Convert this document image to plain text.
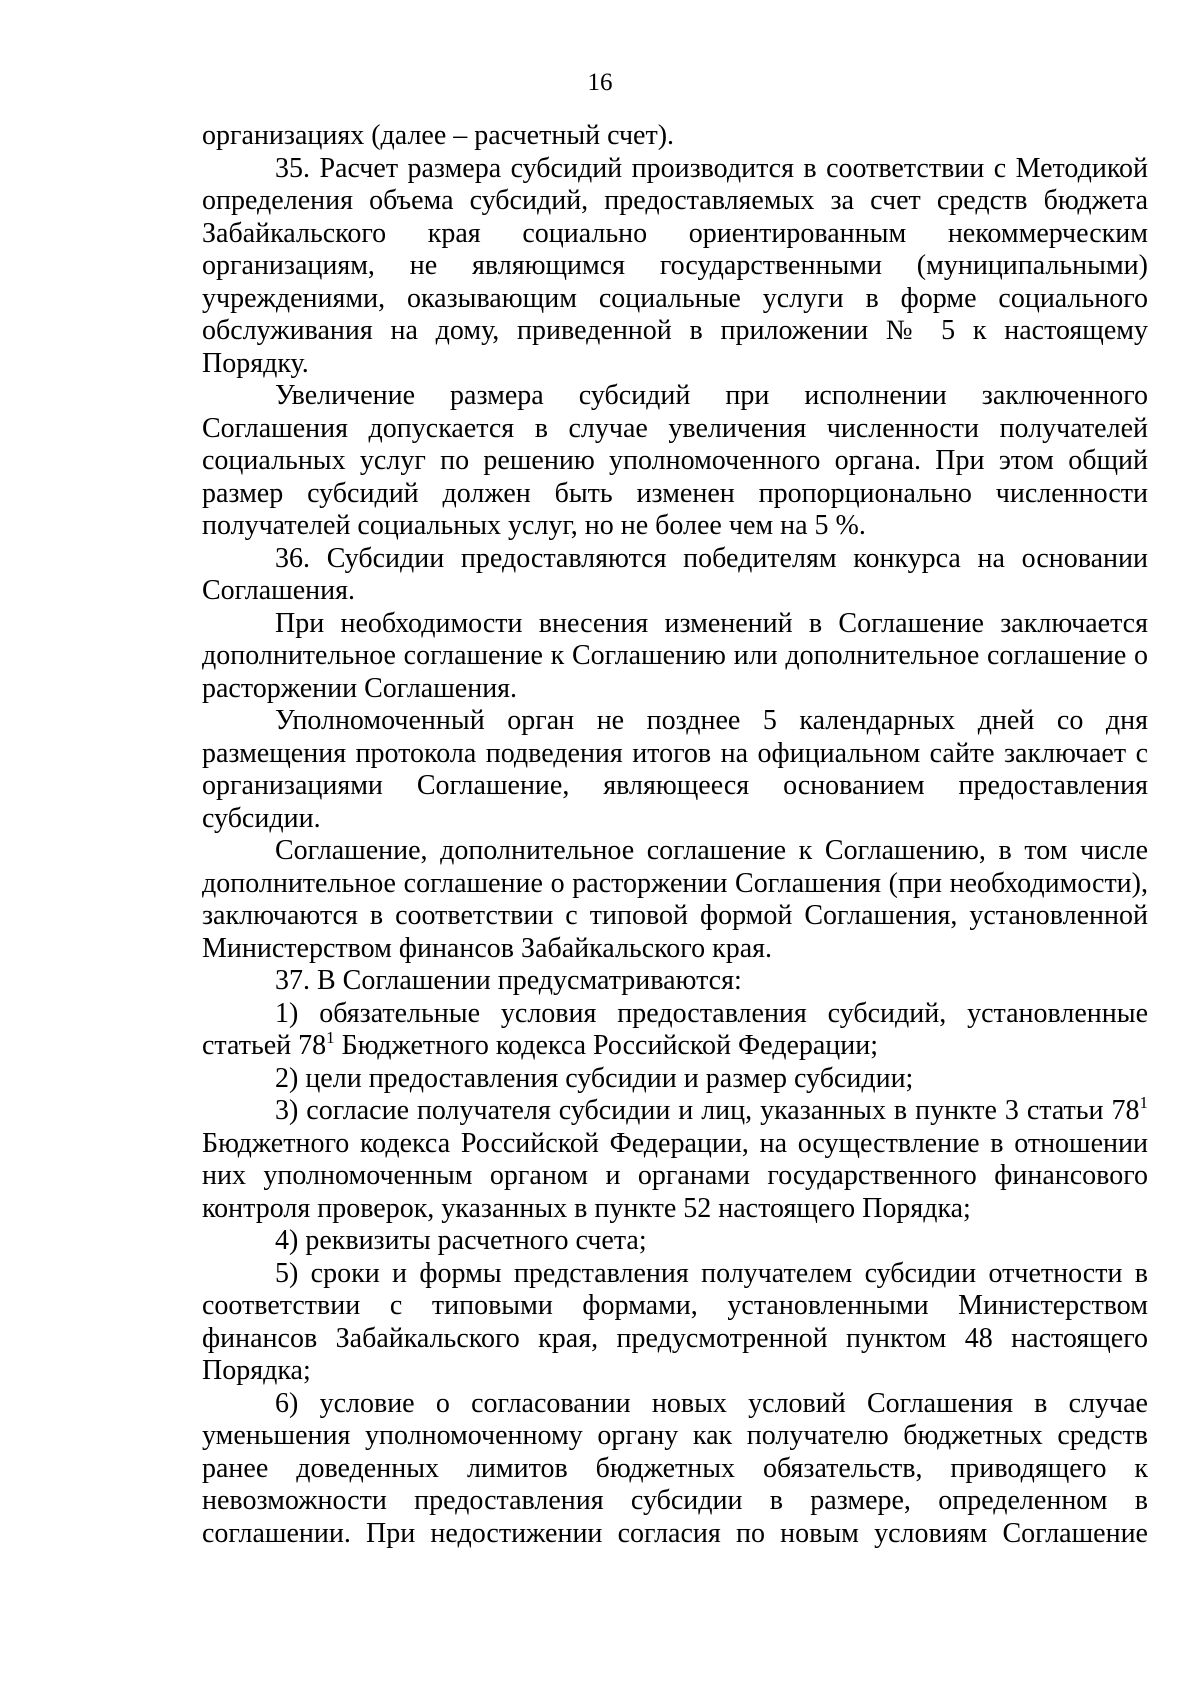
16

организациях (далее – расчетный счет).

35. Расчет размера субсидий производится в соответствии с Методикой определения объема субсидий, предоставляемых за счет средств бюджета Забайкальского края социально ориентированным некоммерческим организациям, не являющимся государственными (муниципальными) учреждениями, оказывающим социальные услуги в форме социального обслуживания на дому, приведенной в приложении № 5 к настоящему Порядку.

Увеличение размера субсидий при исполнении заключенного Соглашения допускается в случае увеличения численности получателей социальных услуг по решению уполномоченного органа. При этом общий размер субсидий должен быть изменен пропорционально численности получателей социальных услуг, но не более чем на 5 %.

36. Субсидии предоставляются победителям конкурса на основании Соглашения.

При необходимости внесения изменений в Соглашение заключается дополнительное соглашение к Соглашению или дополнительное соглашение о расторжении Соглашения.

Уполномоченный орган не позднее 5 календарных дней со дня размещения протокола подведения итогов на официальном сайте заключает с организациями Соглашение, являющееся основанием предоставления субсидии.

Соглашение, дополнительное соглашение к Соглашению, в том числе дополнительное соглашение о расторжении Соглашения (при необходимости), заключаются в соответствии с типовой формой Соглашения, установленной Министерством финансов Забайкальского края.

37. В Соглашении предусматриваются:

1) обязательные условия предоставления субсидий, установленные статьей $78^1$ Бюджетного кодекса Российской Федерации;

2) цели предоставления субсидии и размер субсидии;

3) согласие получателя субсидии и лиц, указанных в пункте 3 статьи $78^1$ Бюджетного кодекса Российской Федерации, на осуществление в отношении них уполномоченным органом и органами государственного финансового контроля проверок, указанных в пункте 52 настоящего Порядка;

4) реквизиты расчетного счета;

5) сроки и формы представления получателем субсидии отчетности в соответствии с типовыми формами, установленными Министерством финансов Забайкальского края, предусмотренной пунктом 48 настоящего Порядка;

6) условие о согласовании новых условий Соглашения в случае уменьшения уполномоченному органу как получателю бюджетных средств ранее доведенных лимитов бюджетных обязательств, приводящего к невозможности предоставления субсидии в размере, определенном в соглашении. При недостижении согласия по новым условиям Соглашение
